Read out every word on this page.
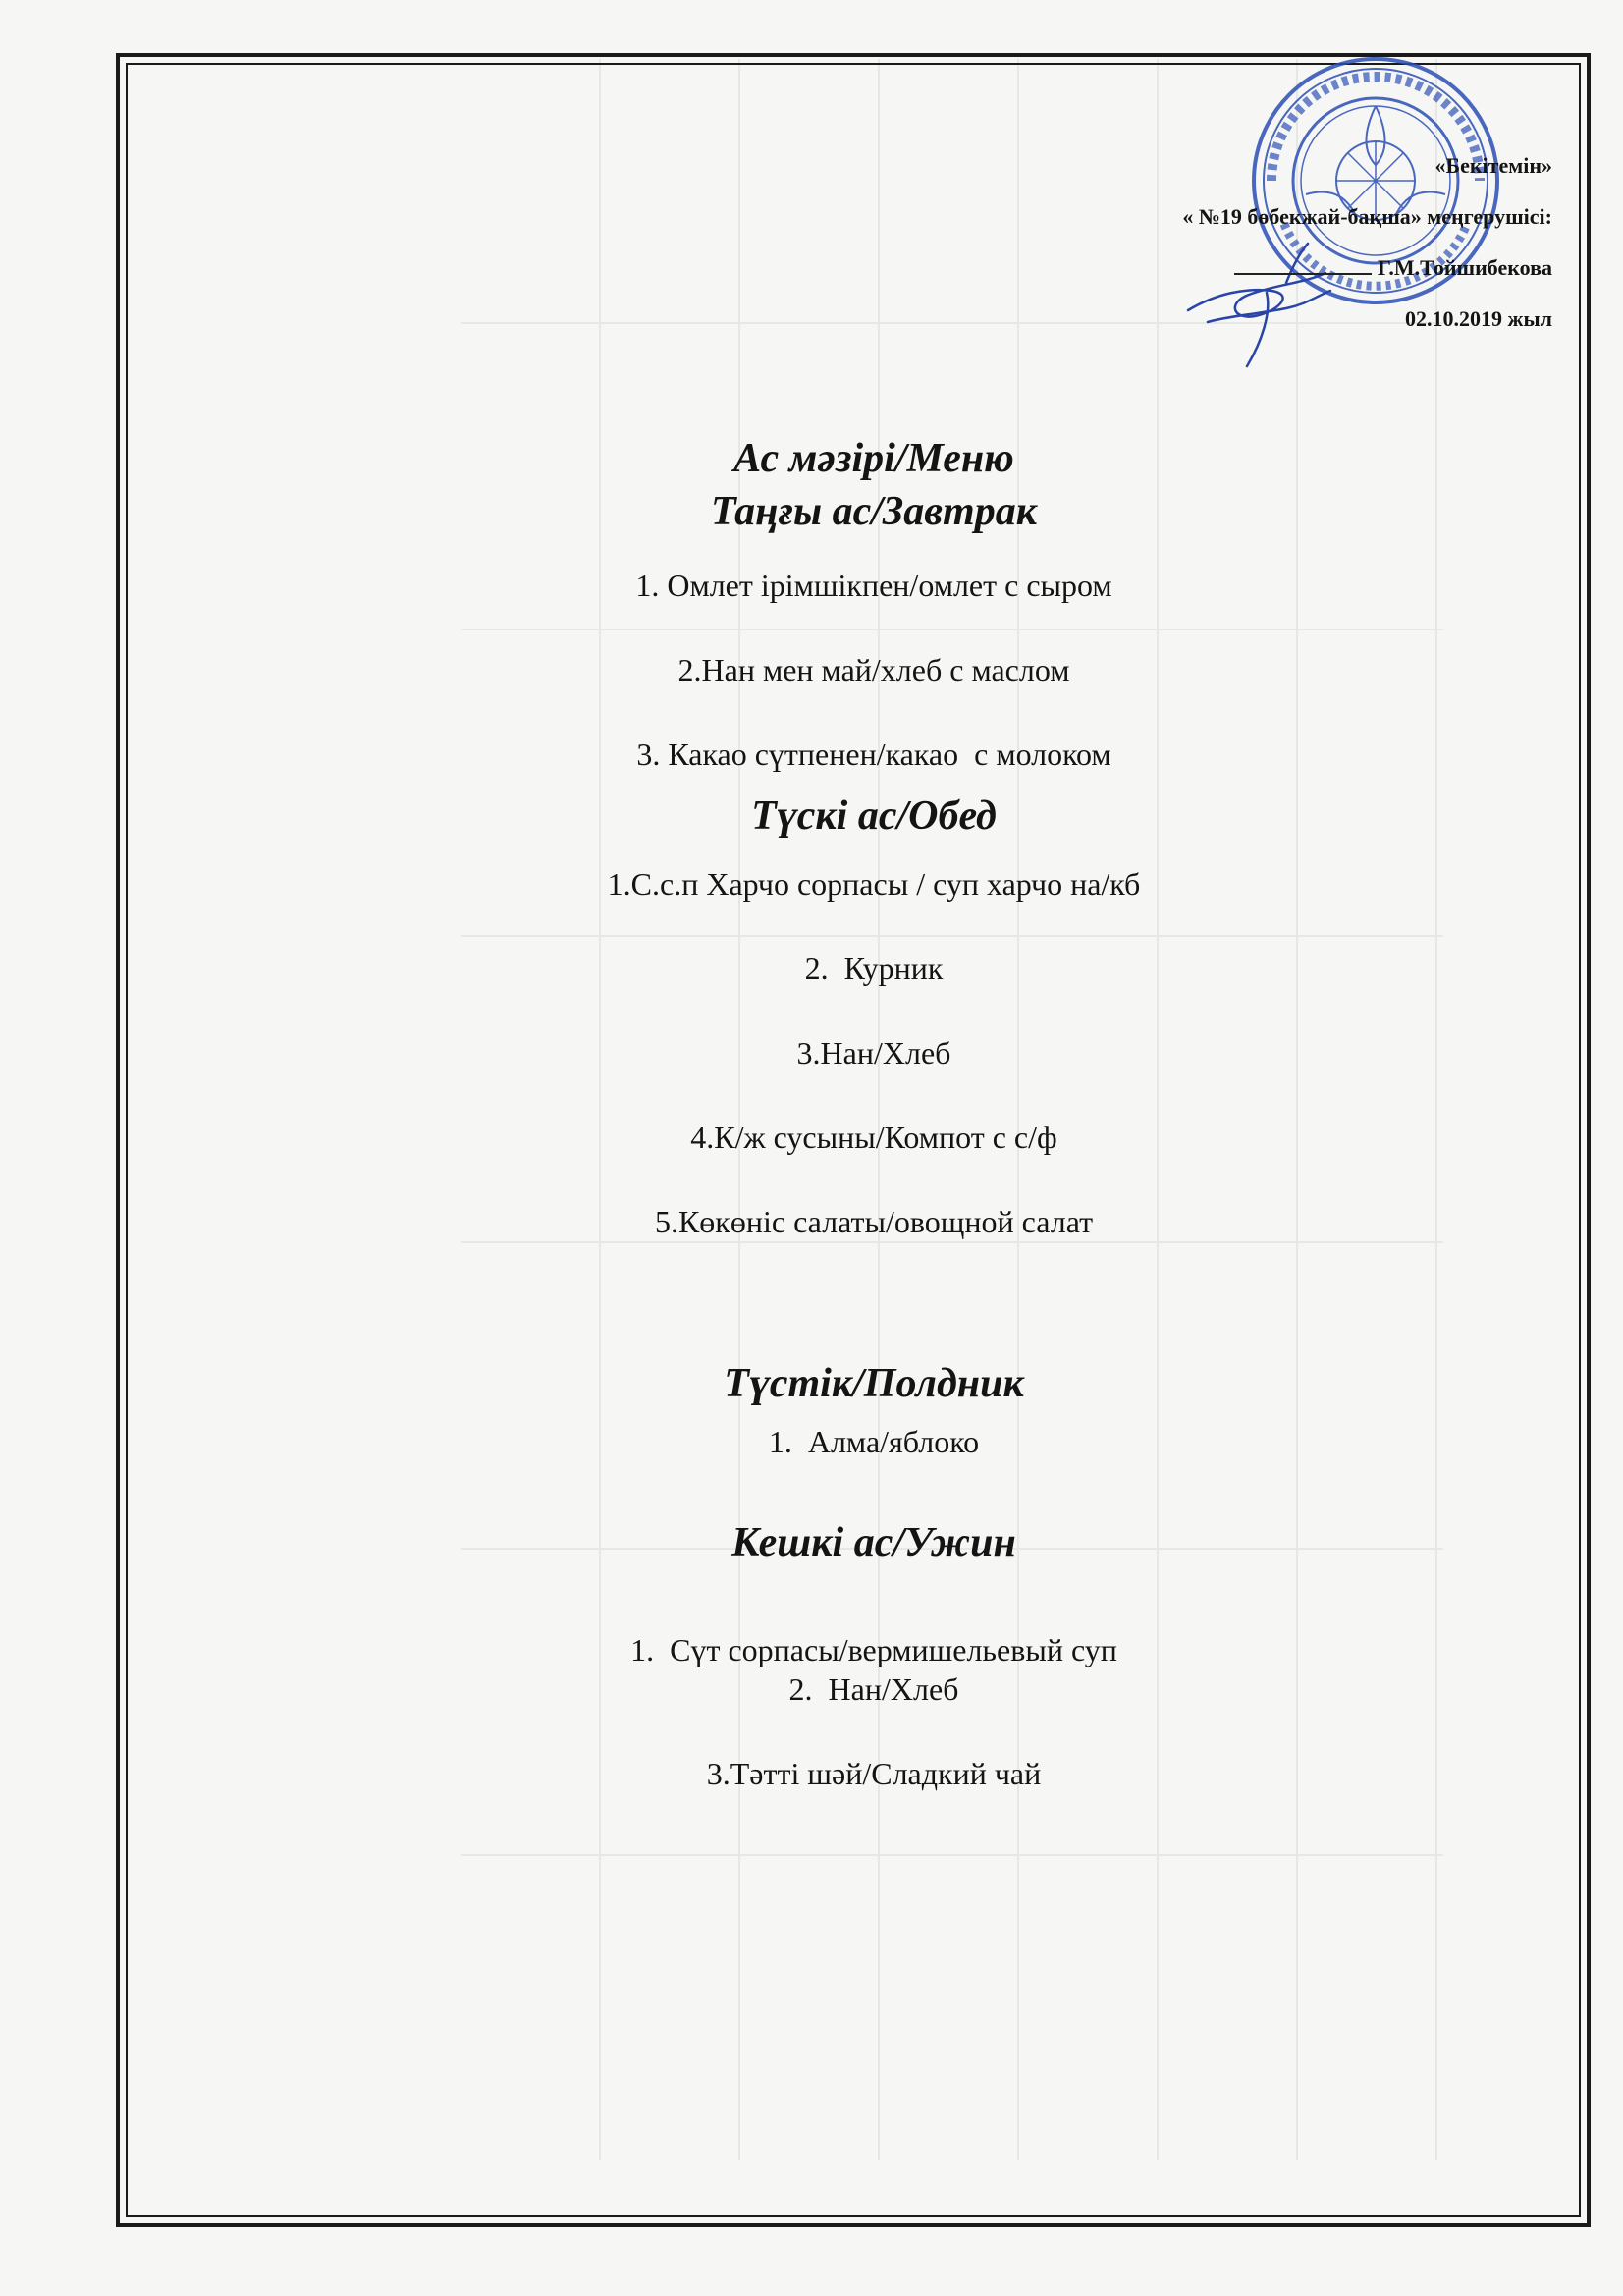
«Бекітемін»
« №19 бөбекжай-бақша» меңгерушісі:
Г.М.Тойшибекова
02.10.2019 жыл
Ас мәзірі/Меню
Таңғы ас/Завтрак
1. Омлет ірімшікпен/омлет с сыром
2.Нан мен май/хлеб с маслом
3. Какао сүтпенен/какао  с молоком
Түскі ас/Обед
1.С.с.п Харчо сорпасы / суп харчо на/кб
2.  Курник
3.Нан/Хлеб
4.К/ж сусыны/Компот с с/ф
5.Көкөніс салаты/овощной салат
Түстік/Полдник
1.  Алма/яблоко
Кешкі ас/Ужин
1.  Сүт сорпасы/вермишельевый суп
2.  Нан/Хлеб
3.Тәтті шәй/Сладкий чай
